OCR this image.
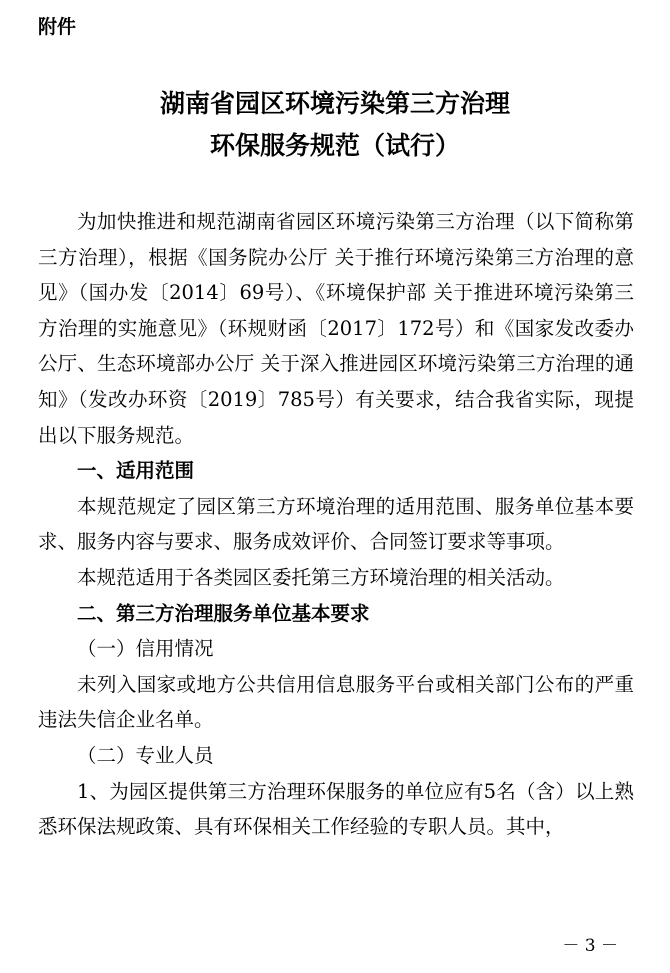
附件
湖南省园区环境污染第三方治理
环保服务规范（试行）

为加快推进和规范湖南省园区环境污染第三方治理（以下简称第三方治理），根据《国务院办公厅 关于推行环境污染第三方治理的意见》（国办发〔2014〕69号）、《环境保护部 关于推进环境污染第三方治理的实施意见》（环规财函〔2017〕172号）和《国家发改委办公厅、生态环境部办公厅 关于深入推进园区环境污染第三方治理的通知》（发改办环资〔2019〕785号）有关要求，结合我省实际，现提出以下服务规范。

一、适用范围

本规范规定了园区第三方环境治理的适用范围、服务单位基本要求、服务内容与要求、服务成效评价、合同签订要求等事项。

本规范适用于各类园区委托第三方环境治理的相关活动。

二、第三方治理服务单位基本要求

（一）信用情况

未列入国家或地方公共信用信息服务平台或相关部门公布的严重违法失信企业名单。

（二）专业人员

1、为园区提供第三方治理环保服务的单位应有5名（含）以上熟悉环保法规政策、具有环保相关工作经验的专职人员。其中，

－ 3 －
